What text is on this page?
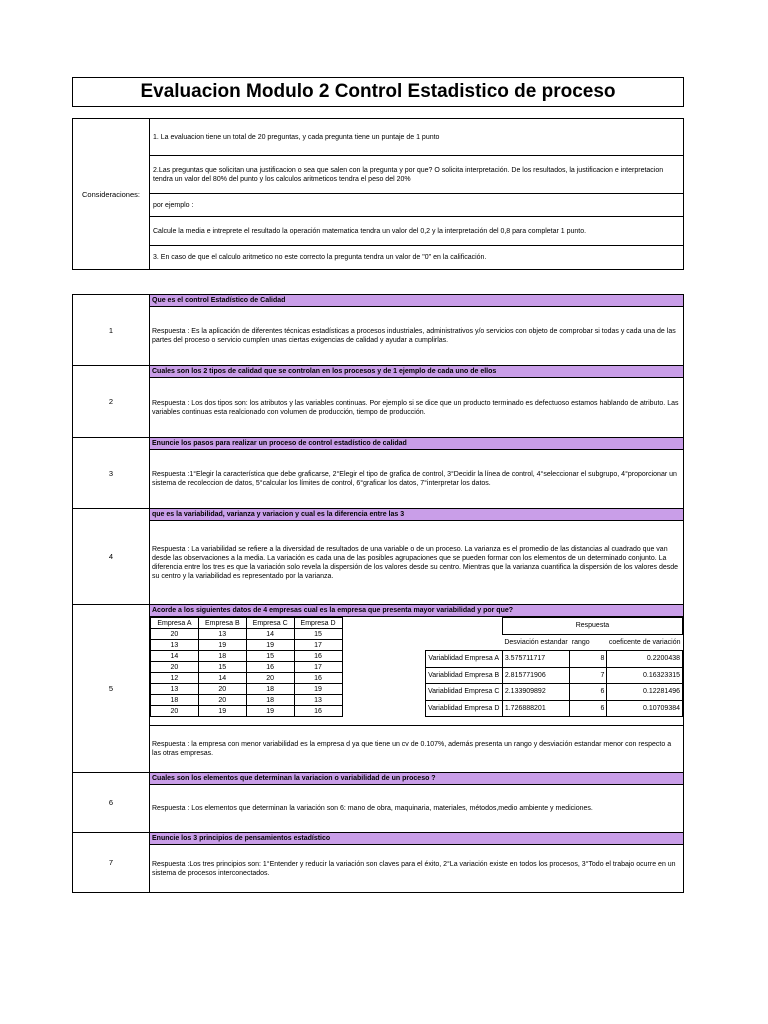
Evaluacion Modulo 2 Control Estadistico de proceso
Consideraciones:	1. La evaluacion tiene un total de 20 preguntas, y cada pregunta tiene un puntaje de 1 punto
2.Las preguntas que solicitan una justificacion o sea que salen con la pregunta y por que? O solicita interpretación. De los resultados, la justificacion e interpretacion tendra un valor del 80% del punto y los calculos aritmeticos tendra el peso del 20%
por ejemplo :
Calcule la media e intreprete el resultado la operación matematica tendra un valor del 0,2 y la interpretación del 0,8 para completar 1 punto.
3. En caso de que el calculo aritmetico no este correcto la pregunta tendra un valor de "0" en la calificación.
1	Que es el control Estadístico de Calidad
Respuesta : Es la aplicación de diferentes técnicas estadísticas a procesos industriales, administrativos y/o servicios con objeto de comprobar si todas y cada una de las partes del proceso o servicio cumplen unas ciertas exigencias de calidad y ayudar a cumplirlas.
2	Cuales son los 2 tipos de calidad que se controlan en los procesos y de 1 ejemplo de cada uno de ellos
Respuesta : Los dos tipos son: los atributos y las variables continuas. Por ejemplo si se dice que un producto terminado es defectuoso estamos hablando de atributo. Las variables continuas esta realcionado con volumen de producción, tiempo de producción.
3	Enuncie los pasos para realizar un proceso de control estadístico de calidad
Respuesta :1°Elegir la característica que debe graficarse, 2°Elegir el tipo de grafica de control, 3°Decidir la línea de control, 4°seleccionar el subgrupo, 4°proporcionar un sistema de recoleccion de datos, 5°calcular los límites de control, 6°graficar los datos, 7°interpretar los datos.
4	que es la variabilidad, varianza y variacion y cual es la diferencia entre las 3
Respuesta : La variabilidad se refiere a la diversidad de resultados de una variable o de un proceso. La varianza es el promedio de las distancias al cuadrado que van desde las observaciones a la media. La variación es cada una de las posibles agrupaciones que se pueden formar con los elementos de un determinado conjunto. La diferencia entre los tres es que la variación solo revela la dispersión de los valores desde su centro. Mientras que la varianza cuantifica la dispersión de los valores desde su centro y la variabilidad es representado por la varianza.
5	Acorde a los siguientes datos de 4 empresas cual es la empresa que presenta mayor variabilidad y por que?

Empresa A	Empresa B	Empresa C	Empresa D
20	13	14	15
13	19	19	17
14	18	15	16
20	15	16	17
12	14	20	16
13	20	18	19
18	20	18	13
20	19	19	16
	Respuesta
	Desviación estandar	rango	coeficente de variación
Variablidad Empresa A	3.575711717	8	0.2200438
Variablidad Empresa B	2.815771906	7	0.16323315
Variablidad Empresa C	2.133909892	6	0.12281496
Variablidad Empresa D	1.726888201	6	0.10709384
Respuesta : la empresa con menor variabilidad es la empresa d ya que tiene un cv de 0.107%, además presenta un rango y desviación estandar menor con respecto a las otras empresas.

6	Cuales son los elementos que determinan la variacion o variabilidad de un proceso ?
Respuesta : Los elementos que determinan la variación son 6: mano de obra, maquinaria, materiales, métodos,medio ambiente y mediciones.
7	Enuncie los 3 principios de pensamientos estadístico
Respuesta :Los tres principios son: 1°Entender y reducir la variación son claves para el éxito, 2°La variación existe en todos los procesos, 3°Todo el trabajo ocurre en un sistema de procesos interconectados.
